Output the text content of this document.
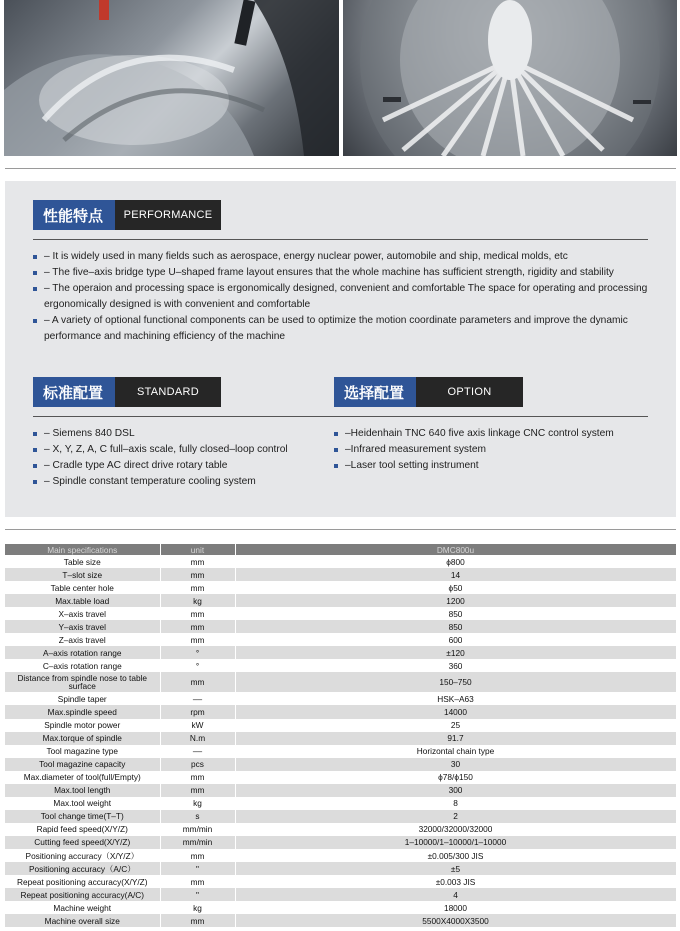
性能特点	PERFORMANCE
– It is widely used in many fields such as aerospace, energy nuclear power, automobile and ship, medical molds, etc
– The five–axis bridge type U–shaped frame layout ensures that the whole machine has sufficient strength, rigidity and stability
– The operaion and processing space is ergonomically designed, convenient and comfortable The space for operating and processing ergonomically designed is with convenient and comfortable
– A variety of optional functional components can be used to optimize the motion coordinate parameters and improve the dynamic performance and machining efficiency of the machine
标准配置	STANDARD	选择配置	OPTION
– Siemens 840 DSL
– X, Y, Z, A, C full–axis scale, fully closed–loop control
– Cradle type AC direct drive rotary table
– Spindle constant temperature cooling system
–Heidenhain TNC 640 five axis linkage CNC control system
–Infrared measurement system
–Laser tool setting instrument
Main specifications	unit	DMC800u
Table size	mm	ϕ800
T–slot size	mm	14
Table center hole	mm	ϕ50
Max.table load	kg	1200
X–axis travel	mm	850
Y–axis travel	mm	850
Z–axis travel	mm	600
A–axis rotation range	°	±120
C–axis rotation range	°	360
Distance from spindle nose to table surface	mm	150–750
Spindle taper	––	HSK–A63
Max.spindle speed	rpm	14000
Spindle motor power	kW	25
Max.torque of spindle	N.m	91.7
Tool magazine type	––	Horizontal chain type
Tool magazine capacity	pcs	30
Max.diameter of tool(full/Empty)	mm	ϕ78/ϕ150
Max.tool length	mm	300
Max.tool weight	kg	8
Tool change time(T–T)	s	2
Rapid feed speed(X/Y/Z)	mm/min	32000/32000/32000
Cutting feed speed(X/Y/Z)	mm/min	1–10000/1–10000/1–10000
Positioning accuracy（X/Y/Z）	mm	±0.005/300 JIS
Positioning accuracy（A/C）	"	±5
Repeat positioning accuracy(X/Y/Z)	mm	±0.003 JIS
Repeat positioning accuracy(A/C)	"	4
Machine weight	kg	18000
Machine overall size	mm	5500X4000X3500
